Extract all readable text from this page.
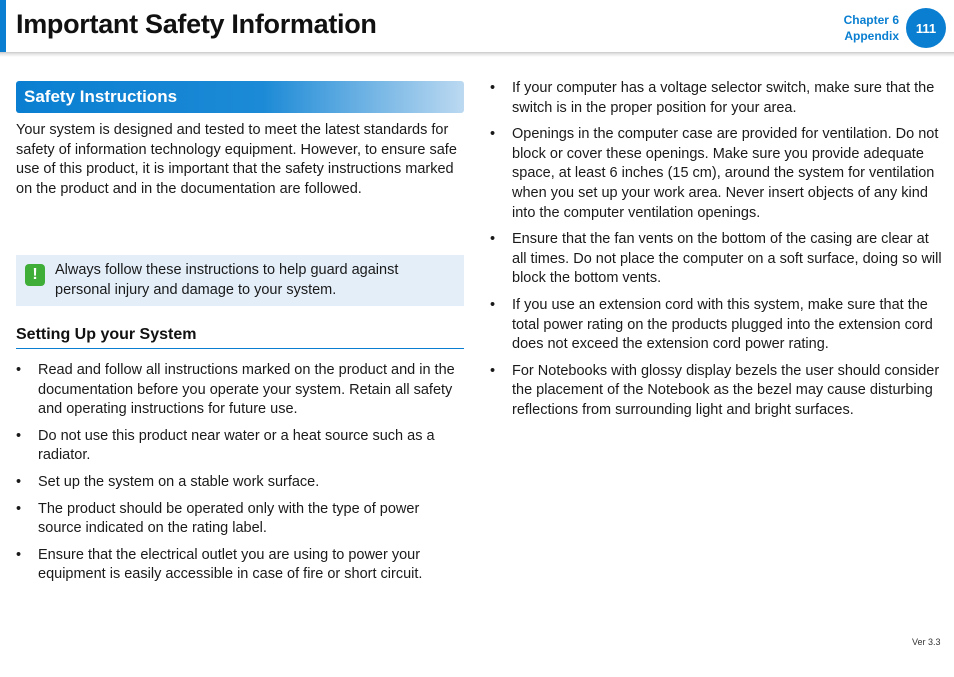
Important Safety Information	Chapter 6
Appendix
111
Safety Instructions

Your system is designed and tested to meet the latest standards for safety of information technology equipment. However, to ensure safe use of this product, it is important that the safety instructions marked on the product and in the documentation are followed.

!	Always follow these instructions to help guard against personal injury and damage to your system.
Setting Up your System
• Read and follow all instructions marked on the product and in the documentation before you operate your system. Retain all safety and operating instructions for future use.
• Do not use this product near water or a heat source such as a radiator.
• Set up the system on a stable work surface.
• The product should be operated only with the type of power source indicated on the rating label.
• Ensure that the electrical outlet you are using to power your equipment is easily accessible in case of fire or short circuit.
• If your computer has a voltage selector switch, make sure that the switch is in the proper position for your area.
• Openings in the computer case are provided for ventilation. Do not block or cover these openings. Make sure you provide adequate space, at least 6 inches (15 cm), around the system for ventilation when you set up your work area. Never insert objects of any kind into the computer ventilation openings.
• Ensure that the fan vents on the bottom of the casing are clear at all times. Do not place the computer on a soft surface, doing so will block the bottom vents.
• If you use an extension cord with this system, make sure that the total power rating on the products plugged into the extension cord does not exceed the extension cord power rating.
• For Notebooks with glossy display bezels the user should consider the placement of the Notebook as the bezel may cause disturbing reflections from surrounding light and bright surfaces.
Ver 3.3
